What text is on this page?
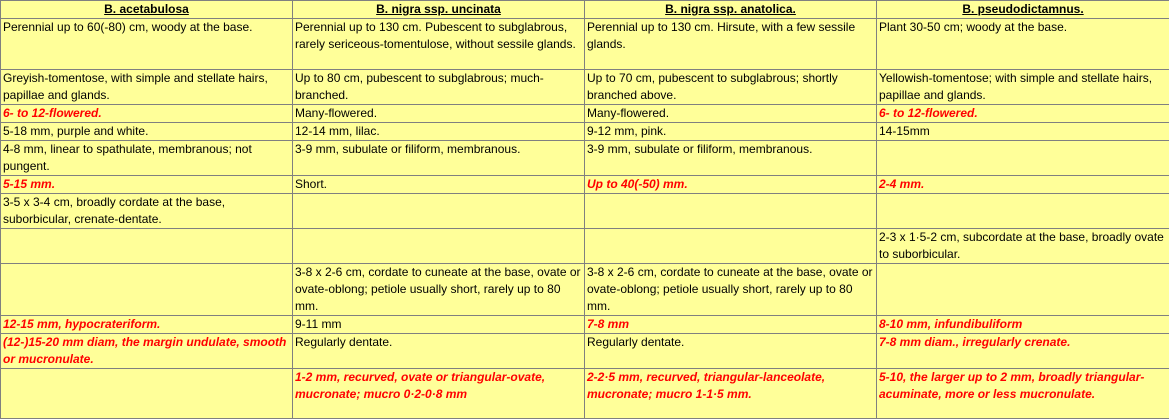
B. acetabulosa	B. nigra ssp. uncinata	B. nigra ssp. anatolica.	B. pseudodictamnus.
Perennial up to 60(-80) cm, woody at the base.	Perennial up to 130 cm. Pubescent to subglabrous, rarely sericeous-tomentulose, without sessile glands.	Perennial up to 130 cm. Hirsute, with a few sessile glands.	Plant 30-50 cm; woody at the base.
Greyish-tomentose, with simple and stellate hairs, papillae and glands.	Up to 80 cm, pubescent to subglabrous; much-branched.	Up to 70 cm, pubescent to subglabrous; shortly branched above.	Yellowish-tomentose; with simple and stellate hairs, papillae and glands.
6- to 12-flowered.	Many-flowered.	Many-flowered.	6- to 12-flowered.
5-18 mm, purple and white.	12-14 mm, lilac.	9-12 mm, pink.	14-15mm
4-8 mm, linear to spathulate, membranous; not pungent.	3-9 mm, subulate or filiform, membranous.	3-9 mm, subulate or filiform, membranous.	
5-15 mm.	Short.	Up to 40(-50) mm.	2-4 mm.
3-5 x 3-4 cm, broadly cordate at the base, suborbicular, crenate-dentate.			
			2-3 x 1·5-2 cm, subcordate at the base, broadly ovate to suborbicular.
	3-8 x 2-6 cm, cordate to cuneate at the base, ovate or ovate-oblong; petiole usually short, rarely up to 80 mm.	3-8 x 2-6 cm, cordate to cuneate at the base, ovate or ovate-oblong; petiole usually short, rarely up to 80 mm.	
12-15 mm, hypocrateriform.	9-11 mm	7-8 mm	8-10 mm, infundibuliform
(12-)15-20 mm diam, the margin undulate, smooth or mucronulate.	Regularly dentate.	Regularly dentate.	7-8 mm diam., irregularly crenate.
	1-2 mm, recurved, ovate or triangular-ovate, mucronate; mucro 0·2-0·8 mm	2-2·5 mm, recurved, triangular-lanceolate, mucronate; mucro 1-1·5 mm.	5-10, the larger up to 2 mm, broadly triangular-acuminate, more or less mucronulate.
